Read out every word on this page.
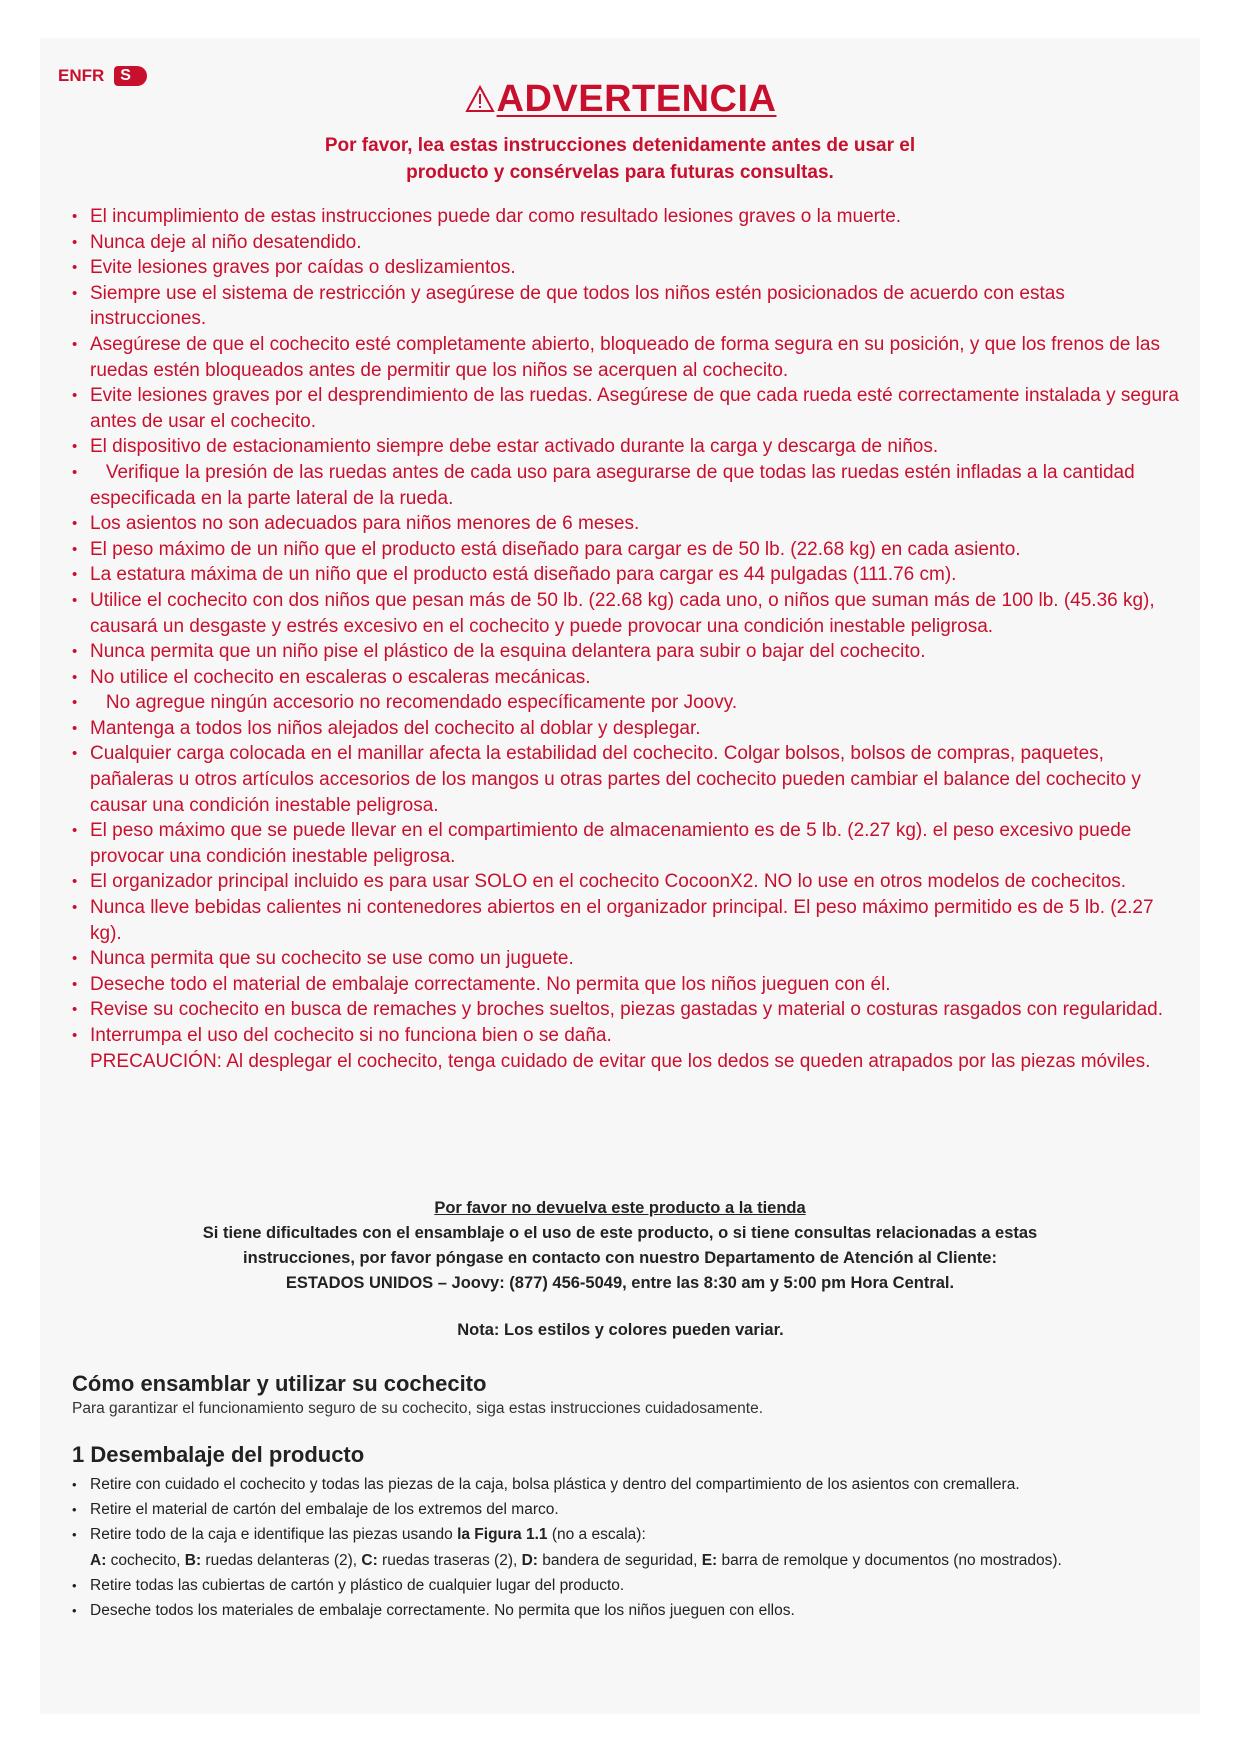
ENFR	S
ADVERTENCIA
Por favor, lea estas instrucciones detenidamente antes de usar el
producto y consérvelas para futuras consultas.
• El incumplimiento de estas instrucciones puede dar como resultado lesiones graves o la muerte.
• Nunca deje al niño desatendido.
• Evite lesiones graves por caídas o deslizamientos.
• Siempre use el sistema de restricción y asegúrese de que todos los niños estén posicionados de acuerdo con estas instrucciones.
• Asegúrese de que el cochecito esté completamente abierto, bloqueado de forma segura en su posición, y que los frenos de las ruedas estén bloqueados antes de permitir que los niños se acerquen al cochecito.
• Evite lesiones graves por el desprendimiento de las ruedas. Asegúrese de que cada rueda esté correctamente instalada y segura antes de usar el cochecito.
• El dispositivo de estacionamiento siempre debe estar activado durante la carga y descarga de niños.
•    Verifique la presión de las ruedas antes de cada uso para asegurarse de que todas las ruedas estén infladas a la cantidad especificada en la parte lateral de la rueda.
• Los asientos no son adecuados para niños menores de 6 meses.
• El peso máximo de un niño que el producto está diseñado para cargar es de 50 lb. (22.68 kg) en cada asiento.
• La estatura máxima de un niño que el producto está diseñado para cargar es 44 pulgadas (111.76 cm).
• Utilice el cochecito con dos niños que pesan más de 50 lb. (22.68 kg) cada uno, o niños que suman más de 100 lb. (45.36 kg), causará un desgaste y estrés excesivo en el cochecito y puede provocar una condición inestable peligrosa.
• Nunca permita que un niño pise el plástico de la esquina delantera para subir o bajar del cochecito.
• No utilice el cochecito en escaleras o escaleras mecánicas.
•    No agregue ningún accesorio no recomendado específicamente por Joovy.
• Mantenga a todos los niños alejados del cochecito al doblar y desplegar.
• Cualquier carga colocada en el manillar afecta la estabilidad del cochecito. Colgar bolsos, bolsos de compras, paquetes, pañaleras u otros artículos accesorios de los mangos u otras partes del cochecito pueden cambiar el balance del cochecito y causar una condición inestable peligrosa.
• El peso máximo que se puede llevar en el compartimiento de almacenamiento es de 5 lb. (2.27 kg). el peso excesivo puede provocar una condición inestable peligrosa.
• El organizador principal incluido es para usar SOLO en el cochecito CocoonX2. NO lo use en otros modelos de cochecitos.
• Nunca lleve bebidas calientes ni contenedores abiertos en el organizador principal. El peso máximo permitido es de 5 lb. (2.27 kg).
• Nunca permita que su cochecito se use como un juguete.
• Deseche todo el material de embalaje correctamente. No permita que los niños jueguen con él.
• Revise su cochecito en busca de remaches y broches sueltos, piezas gastadas y material o costuras rasgados con regularidad.
• Interrumpa el uso del cochecito si no funciona bien o se daña.
PRECAUCIÓN: Al desplegar el cochecito, tenga cuidado de evitar que los dedos se queden atrapados por las piezas móviles.
Por favor no devuelva este producto a la tienda
Si tiene dificultades con el ensamblaje o el uso de este producto, o si tiene consultas relacionadas a estas
instrucciones, por favor póngase en contacto con nuestro Departamento de Atención al Cliente:
ESTADOS UNIDOS – Joovy: (877) 456-5049, entre las 8:30 am y 5:00 pm Hora Central.
Nota: Los estilos y colores pueden variar.
Cómo ensamblar y utilizar su cochecito
Para garantizar el funcionamiento seguro de su cochecito, siga estas instrucciones cuidadosamente.
1 Desembalaje del producto
• Retire con cuidado el cochecito y todas las piezas de la caja, bolsa plástica y dentro del compartimiento de los asientos con cremallera.
• Retire el material de cartón del embalaje de los extremos del marco.
• Retire todo de la caja e identifique las piezas usando la Figura 1.1 (no a escala):
A: cochecito, B: ruedas delanteras (2), C: ruedas traseras (2), D: bandera de seguridad, E: barra de remolque y documentos (no mostrados).
• Retire todas las cubiertas de cartón y plástico de cualquier lugar del producto.
• Deseche todos los materiales de embalaje correctamente. No permita que los niños jueguen con ellos.
